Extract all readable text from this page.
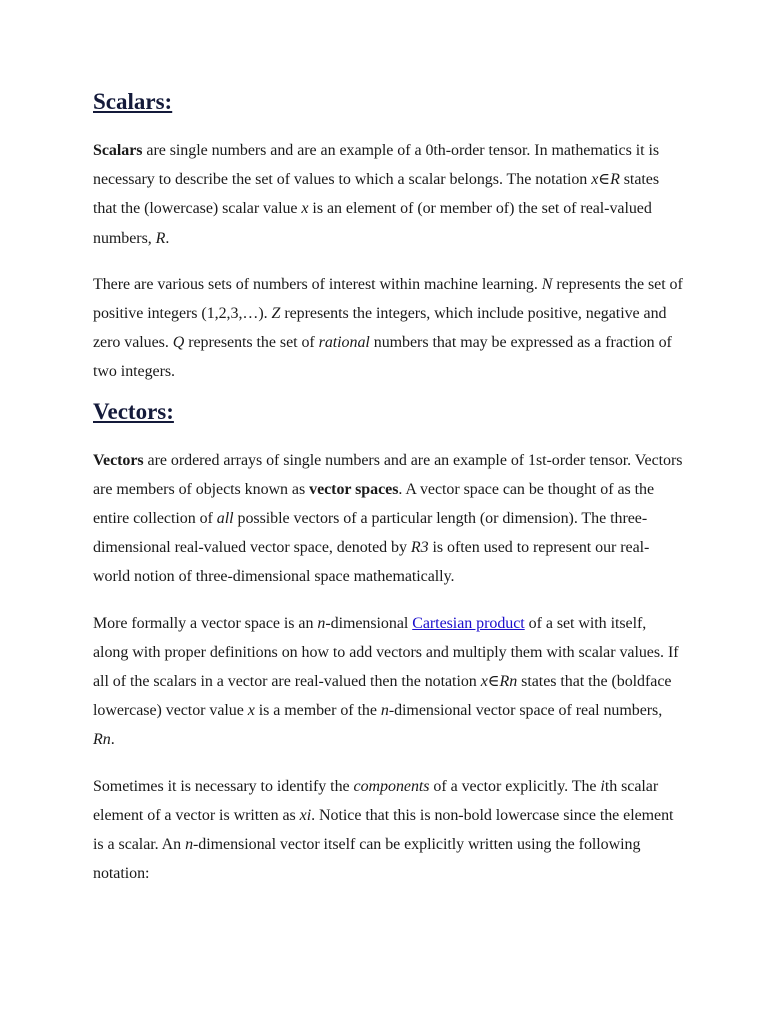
Scalars:

Scalars are single numbers and are an example of a 0th-order tensor. In mathematics it is necessary to describe the set of values to which a scalar belongs. The notation x∈R states that the (lowercase) scalar value x is an element of (or member of) the set of real-valued numbers, R.

There are various sets of numbers of interest within machine learning. N represents the set of positive integers (1,2,3,…). Z represents the integers, which include positive, negative and zero values. Q represents the set of rational numbers that may be expressed as a fraction of two integers.

Vectors:

Vectors are ordered arrays of single numbers and are an example of 1st-order tensor. Vectors are members of objects known as vector spaces. A vector space can be thought of as the entire collection of all possible vectors of a particular length (or dimension). The three-dimensional real-valued vector space, denoted by R3 is often used to represent our real-world notion of three-dimensional space mathematically.

More formally a vector space is an n-dimensional Cartesian product of a set with itself, along with proper definitions on how to add vectors and multiply them with scalar values. If all of the scalars in a vector are real-valued then the notation x∈Rn states that the (boldface lowercase) vector value x is a member of the n-dimensional vector space of real numbers, Rn.

Sometimes it is necessary to identify the components of a vector explicitly. The ith scalar element of a vector is written as xi. Notice that this is non-bold lowercase since the element is a scalar. An n-dimensional vector itself can be explicitly written using the following notation:
